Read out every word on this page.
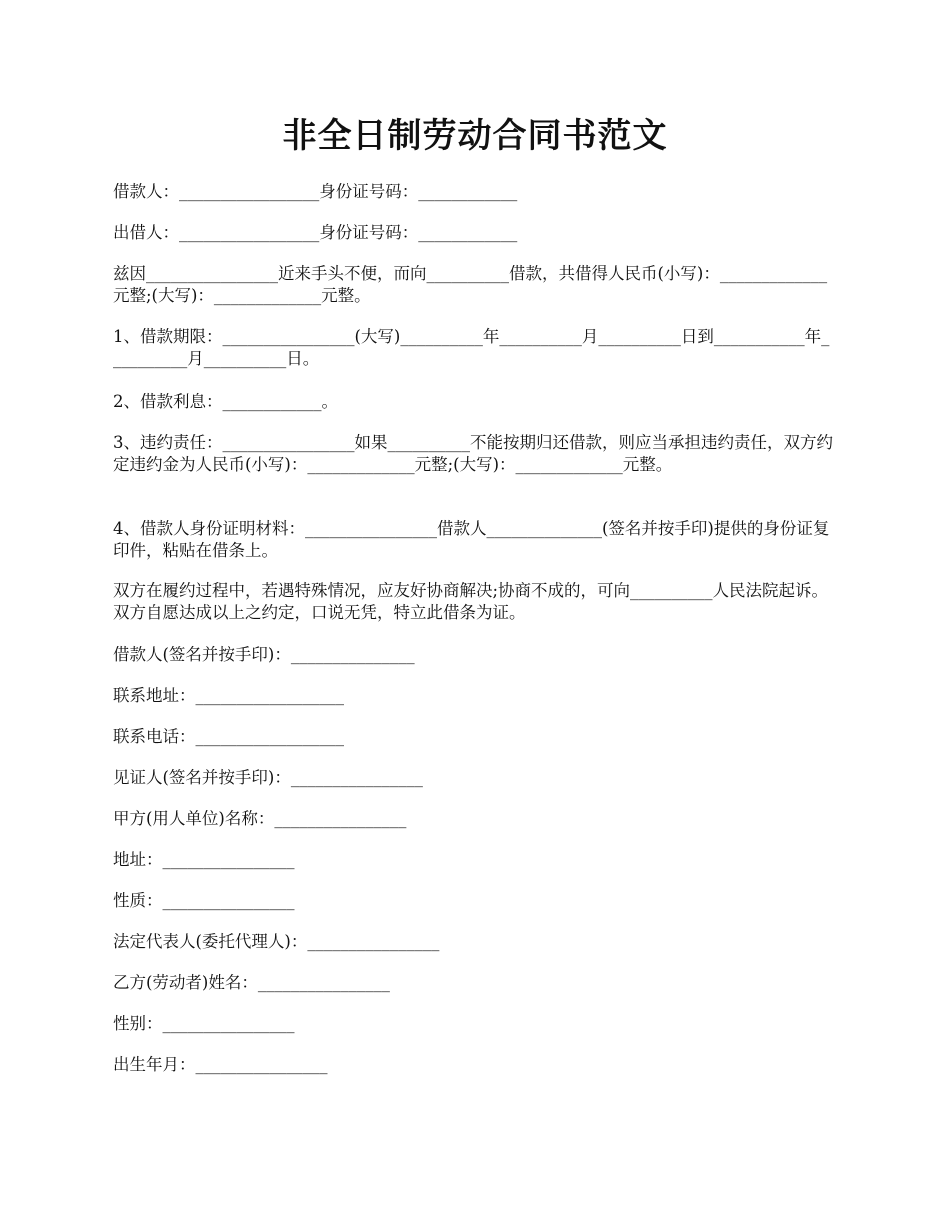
非全日制劳动合同书范文

借款人：_________________身份证号码：____________

出借人：_________________身份证号码：____________

兹因________________近来手头不便，而向__________借款，共借得人民币(小写)：_____________元整;(大写)：_____________元整。

1、借款期限：________________(大写)__________年__________月__________日到___________年__________月__________日。

2、借款利息：____________。

3、违约责任：________________如果__________不能按期归还借款，则应当承担违约责任，双方约定违约金为人民币(小写)：_____________元整;(大写)：_____________元整。

4、借款人身份证明材料：________________借款人______________(签名并按手印)提供的身份证复印件，粘贴在借条上。

双方在履约过程中，若遇特殊情况，应友好协商解决;协商不成的，可向__________人民法院起诉。双方自愿达成以上之约定，口说无凭，特立此借条为证。

借款人(签名并按手印)：_______________

联系地址：__________________

联系电话：__________________

见证人(签名并按手印)：________________

甲方(用人单位)名称：________________

地址：________________

性质：________________

法定代表人(委托代理人)：________________

乙方(劳动者)姓名：________________

性别：________________

出生年月：________________
